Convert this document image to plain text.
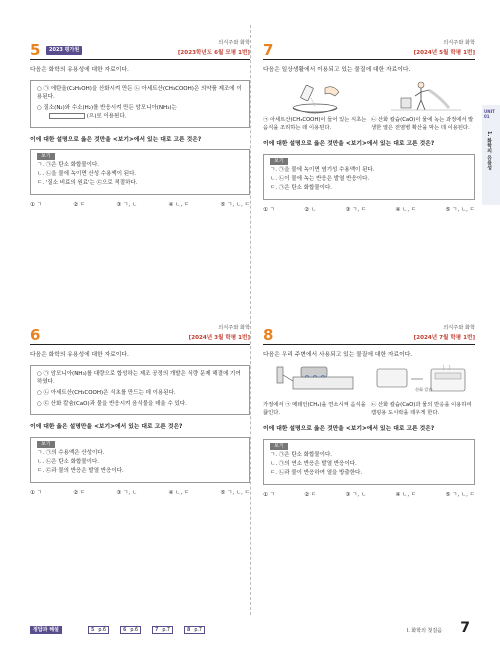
5	2023 평가원
의식주와 화학
[2023학년도 6월 모평 1번]
다음은 화학의 유용성에 대한 자료이다.

○ ㉠ 에탄올(C₂H₅OH)을 산화시켜 만든 ㉡ 아세트산(CH₃COOH)은 의약품 제조에 이용된다.

○ 질소(N₂)와 수소(H₂)를 반응시켜 만든 암모니아(NH₃)는
(으)로 이용된다.

이에 대한 설명으로 옳은 것만을 <보기>에서 있는 대로 고른 것은?
보기

ㄱ. ㉠은 탄소 화합물이다.

ㄴ. ㉡을 물에 녹이면 산성 수용액이 된다.

ㄷ. '질소 비료의 원료'는 ㉢으로 적절하다.

① ㄱ	② ㄷ	③ ㄱ, ㄴ	④ ㄴ, ㄷ	⑤ ㄱ, ㄴ, ㄷ
6	의식주와 화학
[2024년 3월 학평 1번]
다음은 화학의 유용성에 대한 자료이다.

○ ㉠ 암모니아(NH₃)를 대량으로 합성하는 제조 공정의 개발은 식량 문제 해결에 기여하였다.

○ ㉡ 아세트산(CH₃COOH)은 식초를 만드는 데 이용된다.

○ ㉢ 산화 칼슘(CaO)과 물을 반응시켜 음식물을 데울 수 있다.

이에 대한 옳은 설명만을 <보기>에서 있는 대로 고른 것은?
보기

ㄱ. ㉠의 수용액은 산성이다.

ㄴ. ㉡은 탄소 화합물이다.

ㄷ. ㉢과 물의 반응은 발열 반응이다.

① ㄱ	② ㄷ	③ ㄱ, ㄴ	④ ㄴ, ㄷ	⑤ ㄱ, ㄴ, ㄷ
7	의식주와 화학
[2024년 5월 학평 1번]
다음은 일상생활에서 이용되고 있는 물질에 대한 자료이다.
㉠ 아세트산(CH₃COOH)이 들어 있는 식초는 음식을 조리하는 데 이용된다.
㉡ 산화 칼슘(CaO)이 물에 녹는 과정에서 발생한 열은 전염병 확산을 막는 데 이용된다.
이에 대한 설명으로 옳은 것만을 <보기>에서 있는 대로 고른 것은?
보기

ㄱ. ㉠을 물에 녹이면 염기성 수용액이 된다.

ㄴ. ㉡이 물에 녹는 반응은 발열 반응이다.

ㄷ. ㉠은 탄소 화합물이다.

① ㄱ	② ㄴ	③ ㄱ, ㄷ	④ ㄴ, ㄷ	⑤ ㄱ, ㄴ, ㄷ
8	의식주와 화학
[2024년 7월 학평 1번]
다음은 우리 주변에서 사용되고 있는 물질에 대한 자료이다.
가정에서 ㉠ 메테인(CH₄)을 연소시켜 음식을 끓인다.
산화 칼슘
㉡ 산화 칼슘(CaO)과 물의 반응을 이용하여 캠핑용 도시락을 데우게 한다.
이에 대한 설명으로 옳은 것만을 <보기>에서 있는 대로 고른 것은?
보기

ㄱ. ㉠은 탄소 화합물이다.

ㄴ. ㉠의 연소 반응은 발열 반응이다.

ㄷ. ㉡과 물이 반응하여 열을 방출한다.

① ㄱ	② ㄷ	③ ㄱ, ㄴ	④ ㄴ, ㄷ	⑤ ㄱ, ㄴ, ㄷ
UNIT 01
1. 화학의 유용성
정답과 해설	5 p.6	6 p.6	7 p.7	8 p.7	I. 화학의 첫걸음 7
